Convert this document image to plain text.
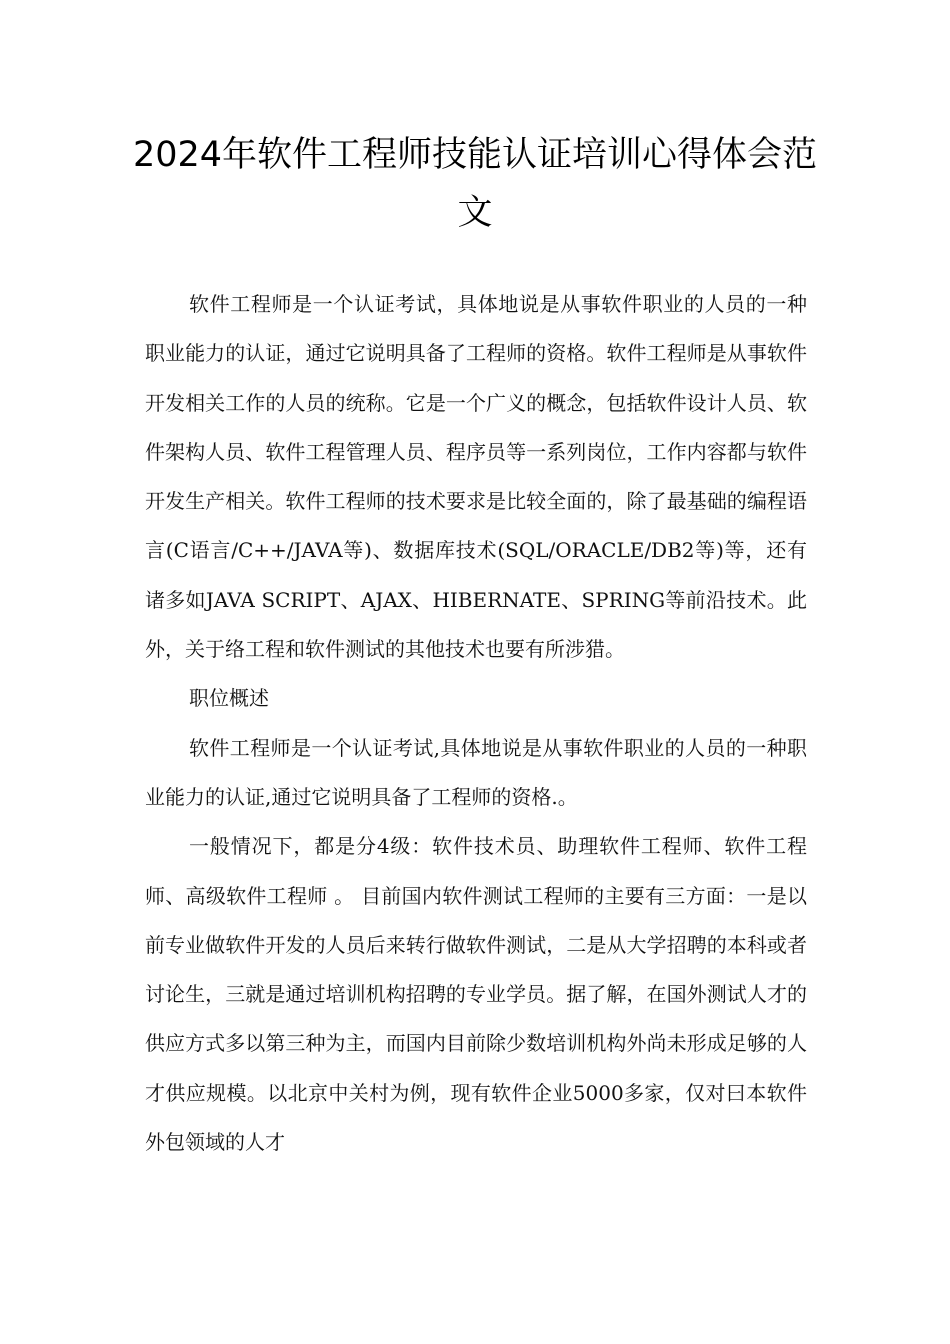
2024年软件工程师技能认证培训心得体会范文

软件工程师是一个认证考试，具体地说是从事软件职业的人员的一种职业能力的认证，通过它说明具备了工程师的资格。软件工程师是从事软件开发相关工作的人员的统称。它是一个广义的概念，包括软件设计人员、软件架构人员、软件工程管理人员、程序员等一系列岗位，工作内容都与软件开发生产相关。软件工程师的技术要求是比较全面的，除了最基础的编程语言(C语言/C++/JAVA等)、数据库技术(SQL/ORACLE/DB2等)等，还有诸多如JAVA SCRIPT、AJAX、HIBERNATE、SPRING等前沿技术。此外，关于络工程和软件测试的其他技术也要有所涉猎。

职位概述

软件工程师是一个认证考试,具体地说是从事软件职业的人员的一种职业能力的认证,通过它说明具备了工程师的资格.。

一般情况下，都是分4级：软件技术员、助理软件工程师、软件工程师、高级软件工程师 。 目前国内软件测试工程师的主要有三方面：一是以前专业做软件开发的人员后来转行做软件测试，二是从大学招聘的本科或者讨论生，三就是通过培训机构招聘的专业学员。据了解，在国外测试人才的供应方式多以第三种为主，而国内目前除少数培训机构外尚未形成足够的人才供应规模。以北京中关村为例，现有软件企业5000多家，仅对曰本软件外包领域的人才
